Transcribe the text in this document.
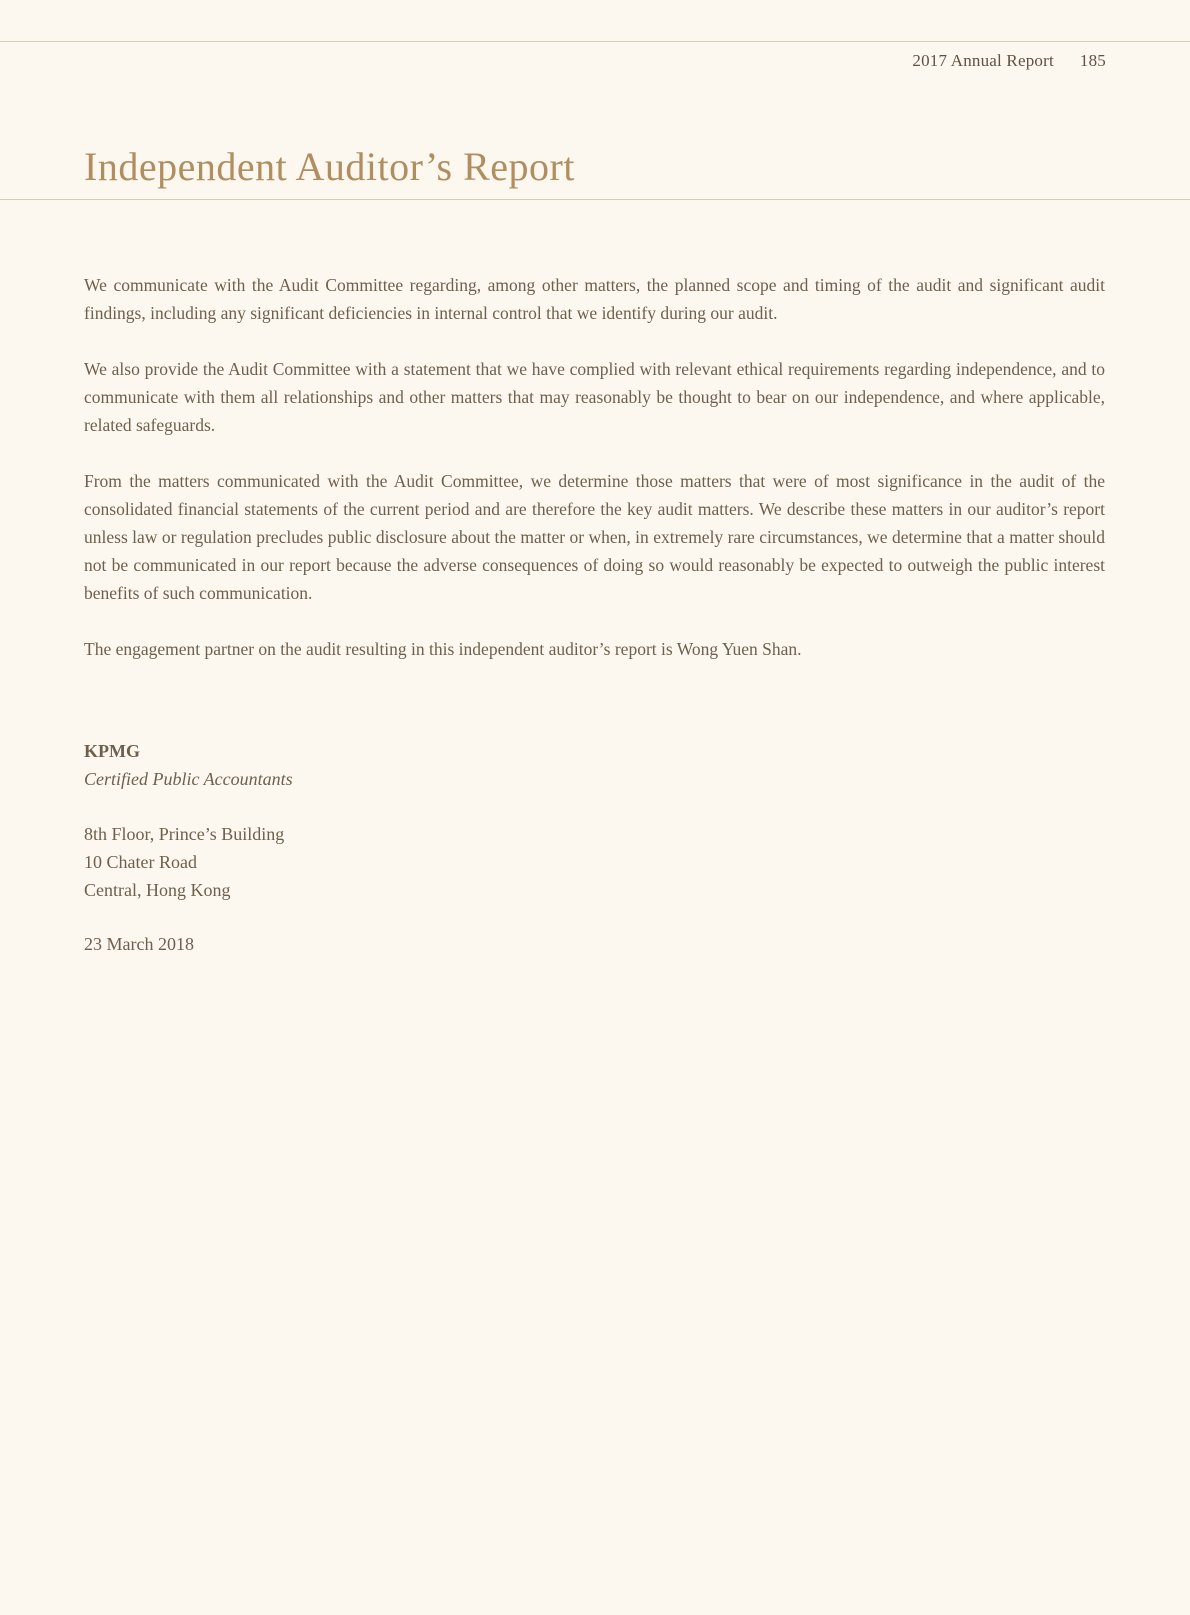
2017 Annual Report 185
Independent Auditor’s Report

We communicate with the Audit Committee regarding, among other matters, the planned scope and timing of the audit and significant audit findings, including any significant deficiencies in internal control that we identify during our audit.

We also provide the Audit Committee with a statement that we have complied with relevant ethical requirements regarding independence, and to communicate with them all relationships and other matters that may reasonably be thought to bear on our independence, and where applicable, related safeguards.

From the matters communicated with the Audit Committee, we determine those matters that were of most significance in the audit of the consolidated financial statements of the current period and are therefore the key audit matters. We describe these matters in our auditor’s report unless law or regulation precludes public disclosure about the matter or when, in extremely rare circumstances, we determine that a matter should not be communicated in our report because the adverse consequences of doing so would reasonably be expected to outweigh the public interest benefits of such communication.

The engagement partner on the audit resulting in this independent auditor’s report is Wong Yuen Shan.

KPMG
Certified Public Accountants
8th Floor, Prince’s Building
10 Chater Road
Central, Hong Kong
23 March 2018
